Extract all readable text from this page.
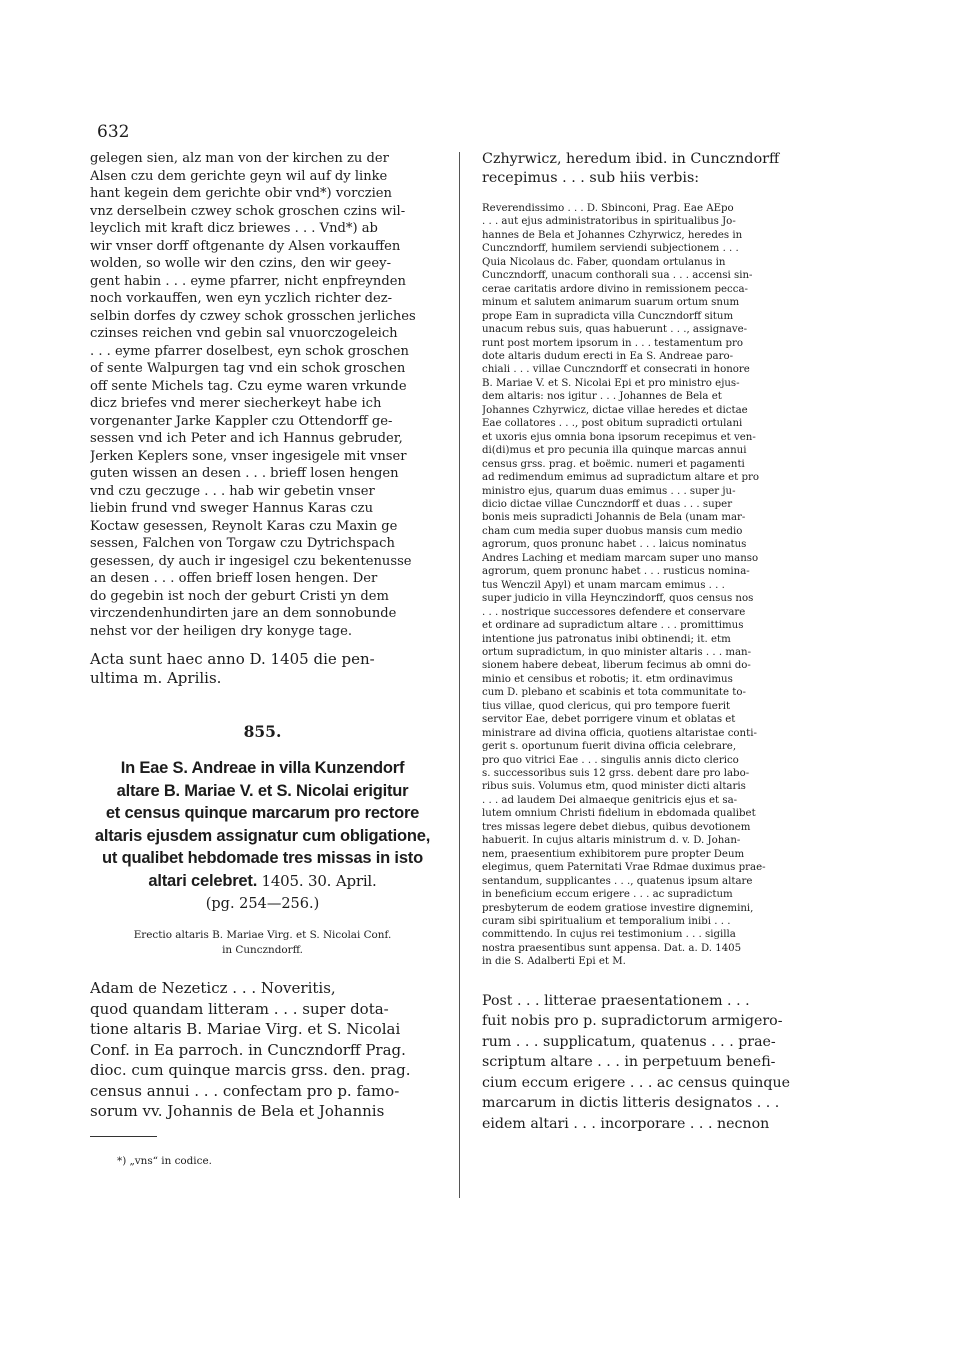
632
gelegen sien, alz man von der kirchen zu der
Alsen czu dem gerichte geyn wil auf dy linke
hant kegein dem gerichte obir vnd*) vorczien
vnz derselbein czwey schok groschen czins wil-
leyclich mit kraft dicz briewes . . . Vnd*) ab
wir vnser dorff oftgenante dy Alsen vorkauffen
wolden, so wolle wir den czins, den wir geey-
gent habin . . . eyme pfarrer, nicht enpfreynden
noch vorkauffen, wen eyn yczlich richter dez-
selbin dorfes dy czwey schok grosschen jerliches
czinses reichen vnd gebin sal vnuorczogeleich
. . . eyme pfarrer doselbest, eyn schok groschen
of sente Walpurgen tag vnd ein schok groschen
off sente Michels tag. Czu eyme waren vrkunde
dicz briefes vnd merer siecherkeyt habe ich
vorgenanter Jarke Kappler czu Ottendorff ge-
sessen vnd ich Peter and ich Hannus gebruder,
Jerken Keplers sone, vnser ingesigele mit vnser
guten wissen an desen . . . brieff losen hengen
vnd czu geczuge . . . hab wir gebetin vnser
liebin frund vnd sweger Hannus Karas czu
Koctaw gesessen, Reynolt Karas czu Maxin ge
sessen, Falchen von Torgaw czu Dytrichspach
gesessen, dy auch ir ingesigel czu bekentenusse
an desen . . . offen brieff losen hengen. Der
do gegebin ist noch der geburt Cristi yn dem
virczendenhundirten jare an dem sonnobunde
nehst vor der heiligen dry konyge tage.
Acta sunt haec anno D. 1405 die pen-
ultima m. Aprilis.
855.
In Eae S. Andreae in villa Kunzendorf
altare B. Mariae V. et S. Nicolai erigitur
et census quinque marcarum pro rectore
altaris ejusdem assignatur cum obligatione,
ut qualibet hebdomade tres missas in isto
altari celebret. 1405. 30. April.
(pg. 254—256.)
Erectio altaris B. Mariae Virg. et S. Nicolai Conf.
in Cunczndorff.
Adam de Nezeticz . . . Noveritis,
quod quandam litteram . . . super dota-
tione altaris B. Mariae Virg. et S. Nicolai
Conf. in Ea parroch. in Cunczndorff Prag.
dioc. cum quinque marcis grss. den. prag.
census annui . . . confectam pro p. famo-
sorum vv. Johannis de Bela et Johannis
*) „vns“ in codice.
Czhyrwicz, heredum ibid. in Cunczndorff
recepimus . . . sub hiis verbis:
Reverendissimo . . . D. Sbinconi, Prag. Eae AEpo
. . . aut ejus administratoribus in spiritualibus Jo-
hannes de Bela et Johannes Czhyrwicz, heredes in
Cunczndorff, humilem serviendi subjectionem . . .
Quia Nicolaus dc. Faber, quondam ortulanus in
Cunczndorff, unacum conthorali sua . . . accensi sin-
cerae caritatis ardore divino in remissionem pecca-
minum et salutem animarum suarum ortum snum
prope Eam in supradicta villa Cunczndorff situm
unacum rebus suis, quas habuerunt . . ., assignave-
runt post mortem ipsorum in . . . testamentum pro
dote altaris dudum erecti in Ea S. Andreae paro-
chiali . . . villae Cunczndorff et consecrati in honore
B. Mariae V. et S. Nicolai Epi et pro ministro ejus-
dem altaris: nos igitur . . . Johannes de Bela et
Johannes Czhyrwicz, dictae villae heredes et dictae
Eae collatores . . ., post obitum supradicti ortulani
et uxoris ejus omnia bona ipsorum recepimus et ven-
di(di)mus et pro pecunia illa quinque marcas annui
census grss. prag. et boëmic. numeri et pagamenti
ad redimendum emimus ad supradictum altare et pro
ministro ejus, quarum duas emimus . . . super ju-
dicio dictae villae Cunczndorff et duas . . . super
bonis meis supradicti Johannis de Bela (unam mar-
cham cum media super duobus mansis cum medio
agrorum, quos pronunc habet . . . laicus nominatus
Andres Laching et mediam marcam super uno manso
agrorum, quem pronunc habet . . . rusticus nomina-
tus Wenczil Apyl) et unam marcam emimus . . .
super judicio in villa Heynczindorff, quos census nos
. . . nostrique successores defendere et conservare
et ordinare ad supradictum altare . . . promittimus
intentione jus patronatus inibi obtinendi; it. etm
ortum supradictum, in quo minister altaris . . . man-
sionem habere debeat, liberum fecimus ab omni do-
minio et censibus et robotis; it. etm ordinavimus
cum D. plebano et scabinis et tota communitate to-
tius villae, quod clericus, qui pro tempore fuerit
servitor Eae, debet porrigere vinum et oblatas et
ministrare ad divina officia, quotiens altaristae conti-
gerit s. oportunum fuerit divina officia celebrare,
pro quo vitrici Eae . . . singulis annis dicto clerico
s. successoribus suis 12 grss. debent dare pro labo-
ribus suis. Volumus etm, quod minister dicti altaris
. . . ad laudem Dei almaeque genitricis ejus et sa-
lutem omnium Christi fidelium in ebdomada qualibet
tres missas legere debet diebus, quibus devotionem
habuerit. In cujus altaris ministrum d. v. D. Johan-
nem, praesentium exhibitorem pure propter Deum
elegimus, quem Paternitati Vrae Rdmae duximus prae-
sentandum, supplicantes . . ., quatenus ipsum altare
in beneficium eccum erigere . . . ac supradictum
presbyterum de eodem gratiose investire dignemini,
curam sibi spiritualium et temporalium inibi . . .
committendo. In cujus rei testimonium . . . sigilla
nostra praesentibus sunt appensa. Dat. a. D. 1405
in die S. Adalberti Epi et M.
Post . . . litterae praesentationem . . .
fuit nobis pro p. supradictorum armigero-
rum . . . supplicatum, quatenus . . . prae-
scriptum altare . . . in perpetuum benefi-
cium eccum erigere . . . ac census quinque
marcarum in dictis litteris designatos . . .
eidem altari . . . incorporare . . . necnon
